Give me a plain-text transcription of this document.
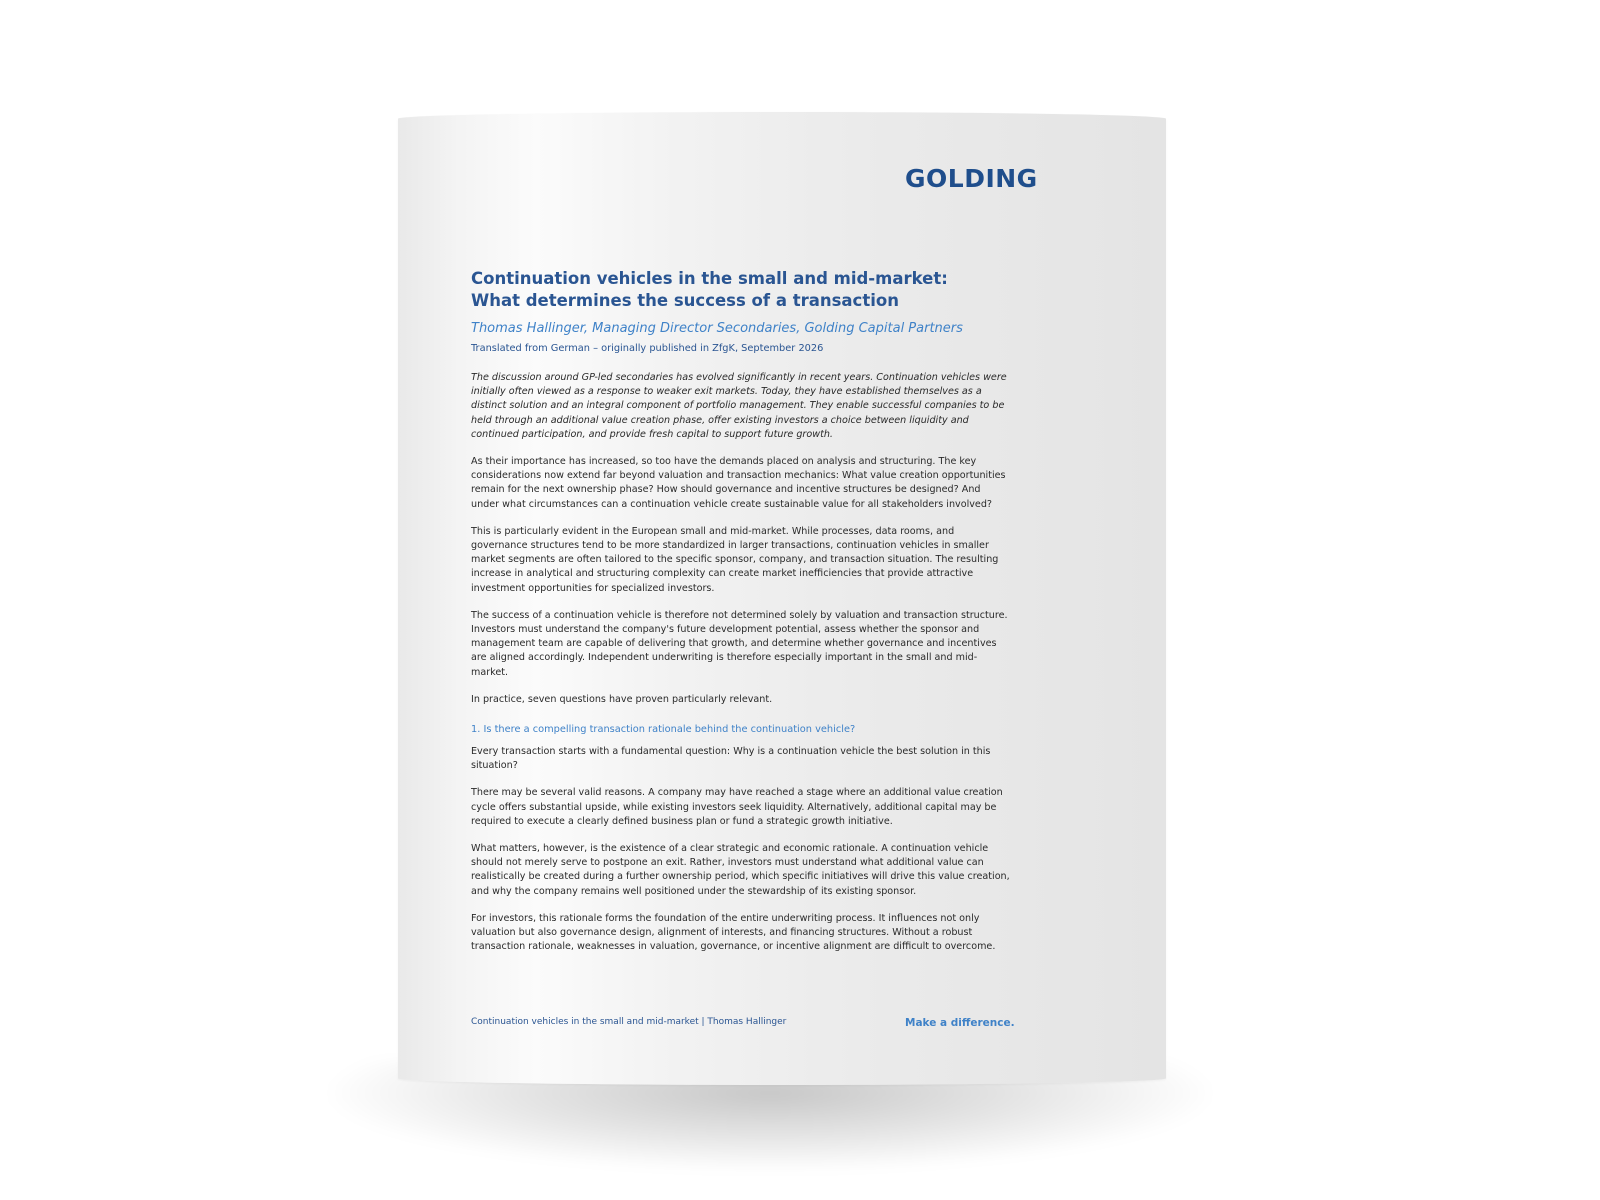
GOLDING
Continuation vehicles in the small and mid-market:
What determines the success of a transaction

Thomas Hallinger, Managing Director Secondaries, Golding Capital Partners

Translated from German – originally published in ZfgK, September 2026

The discussion around GP-led secondaries has evolved significantly in recent years. Continuation vehicles were initially often viewed as a response to weaker exit markets. Today, they have established themselves as a distinct solution and an integral component of portfolio management. They enable successful companies to be held through an additional value creation phase, offer existing investors a choice between liquidity and continued participation, and provide fresh capital to support future growth.

As their importance has increased, so too have the demands placed on analysis and structuring. The key considerations now extend far beyond valuation and transaction mechanics: What value creation opportunities remain for the next ownership phase? How should governance and incentive structures be designed? And under what circumstances can a continuation vehicle create sustainable value for all stakeholders involved?

This is particularly evident in the European small and mid-market. While processes, data rooms, and governance structures tend to be more standardized in larger transactions, continuation vehicles in smaller market segments are often tailored to the specific sponsor, company, and transaction situation. The resulting increase in analytical and structuring complexity can create market inefficiencies that provide attractive investment opportunities for specialized investors.

The success of a continuation vehicle is therefore not determined solely by valuation and transaction structure. Investors must understand the company's future development potential, assess whether the sponsor and management team are capable of delivering that growth, and determine whether governance and incentives are aligned accordingly. Independent underwriting is therefore especially important in the small and mid-market.

In practice, seven questions have proven particularly relevant.

1. Is there a compelling transaction rationale behind the continuation vehicle?

Every transaction starts with a fundamental question: Why is a continuation vehicle the best solution in this situation?

There may be several valid reasons. A company may have reached a stage where an additional value creation cycle offers substantial upside, while existing investors seek liquidity. Alternatively, additional capital may be required to execute a clearly defined business plan or fund a strategic growth initiative.

What matters, however, is the existence of a clear strategic and economic rationale. A continuation vehicle should not merely serve to postpone an exit. Rather, investors must understand what additional value can realistically be created during a further ownership period, which specific initiatives will drive this value creation, and why the company remains well positioned under the stewardship of its existing sponsor.

For investors, this rationale forms the foundation of the entire underwriting process. It influences not only valuation but also governance design, alignment of interests, and financing structures. Without a robust transaction rationale, weaknesses in valuation, governance, or incentive alignment are difficult to overcome.

Continuation vehicles in the small and mid-market | Thomas Hallinger	Make a difference.
